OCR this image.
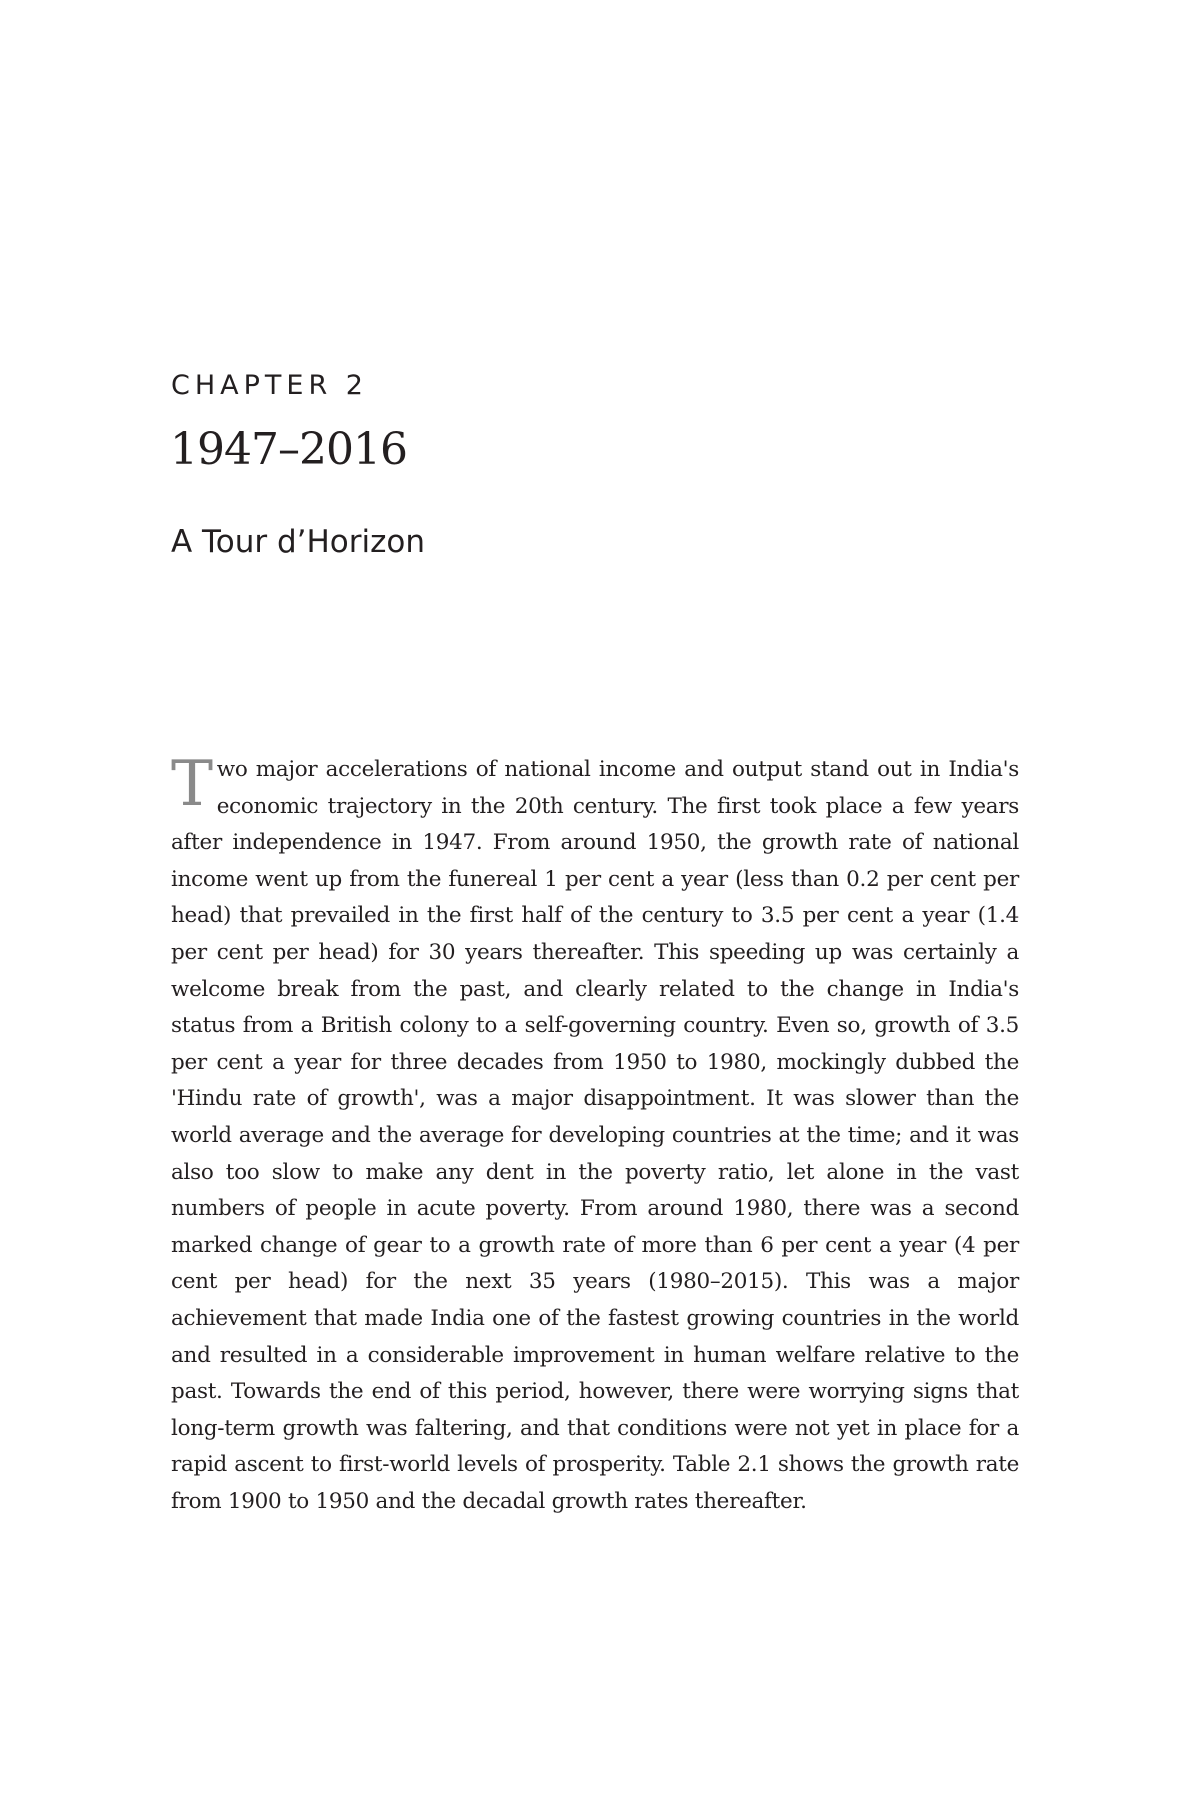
CHAPTER 2
1947–2016
A Tour d’Horizon

Two major accelerations of national income and output stand out in India's economic trajectory in the 20th century. The first took place a few years after independence in 1947. From around 1950, the growth rate of national income went up from the funereal 1 per cent a year (less than 0.2 per cent per head) that prevailed in the first half of the century to 3.5 per cent a year (1.4 per cent per head) for 30 years thereafter. This speeding up was certainly a welcome break from the past, and clearly related to the change in India's status from a British colony to a self-governing country. Even so, growth of 3.5 per cent a year for three decades from 1950 to 1980, mockingly dubbed the 'Hindu rate of growth', was a major disappointment. It was slower than the world average and the average for developing countries at the time; and it was also too slow to make any dent in the poverty ratio, let alone in the vast numbers of people in acute poverty. From around 1980, there was a second marked change of gear to a growth rate of more than 6 per cent a year (4 per cent per head) for the next 35 years (1980–2015). This was a major achievement that made India one of the fastest growing countries in the world and resulted in a considerable improvement in human welfare relative to the past. Towards the end of this period, however, there were worrying signs that long-term growth was faltering, and that conditions were not yet in place for a rapid ascent to first-world levels of prosperity. Table 2.1 shows the growth rate from 1900 to 1950 and the decadal growth rates thereafter.
